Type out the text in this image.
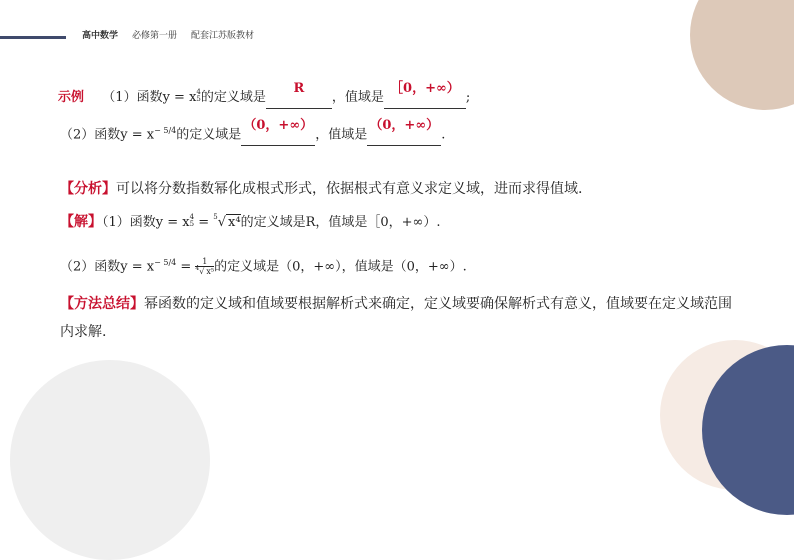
高中数学 必修第一册 配套江苏版教材
示例 （1）函数y = x $^{4 5}$ 的定义域是R，值域是［0，+∞）;
（2）函数$y = x^{- 5/4}$的定义域是（0，+∞），值域是（0，+∞）.
【分析】可以将分数指数幂化成根式形式，依据根式有意义求定义域，进而求得值域.
【解】（1）函数y = x $^{4 5}$ = $^5$√ x⁴的定义域是R，值域是［0，+∞）.
（2）函数$y = x^{- 5/4} = \frac{1}{^4√ x^5}$ 的定义域是（0，+∞），值域是（0，+∞）.
【方法总结】幂函数的定义域和值域要根据解析式来确定，定义域要确保解析式有意义，值域要在定义域范围内求解.
